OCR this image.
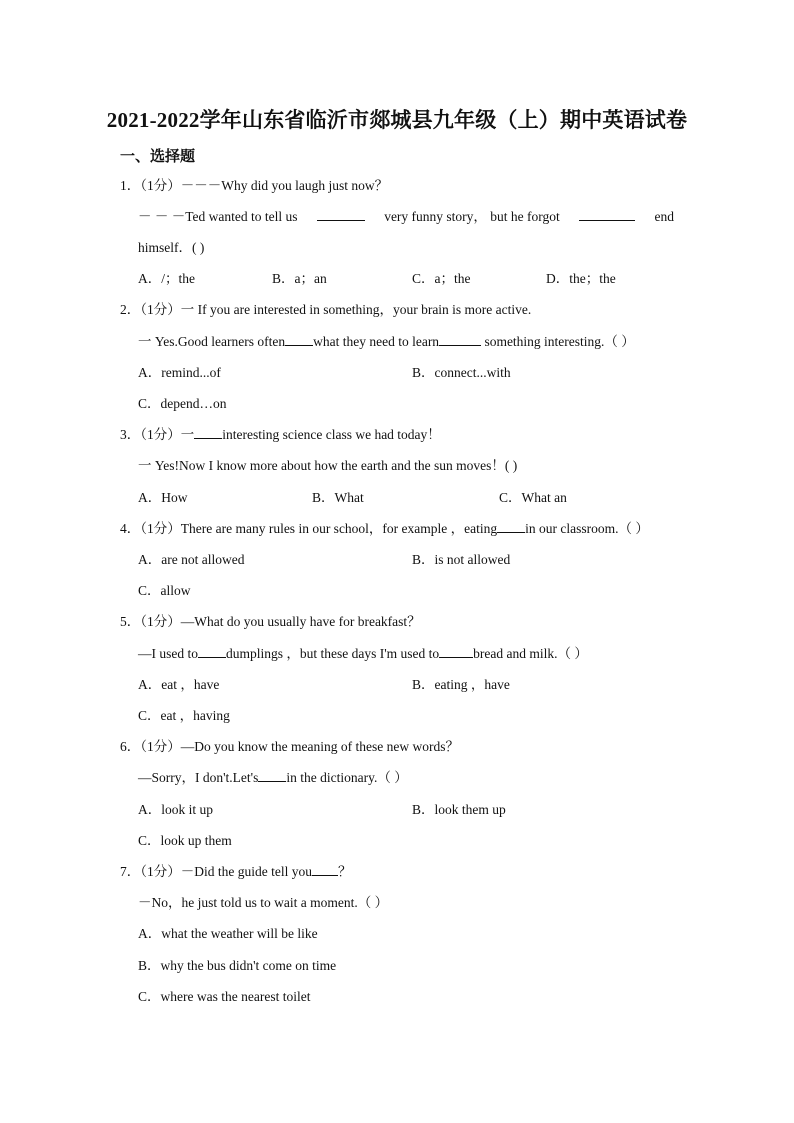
2021-2022学年山东省临沂市郯城县九年级（上）期中英语试卷
一、选择题
1．（1分）－－－Why did you laugh just now？
－ － －Ted wanted to tell us	very funny story， but he forgot	end
himself．( )
A．/；the	B．a；an	C．a；the	D．the；the
2．（1分）一 If you are interested in something，your brain is more active.
一 Yes.Good learners often what they need to learn	something interesting.（ ）
A．remind...of	B．connect...with
C．depend…on
3．（1分）一 interesting science class we had today！
一 Yes!Now I know more about how the earth and the sun moves！( )
A．How	B．What	C．What an
4．（1分）There are many rules in our school，for example ，eating in our classroom.（ ）
A．are not allowed	B．is not allowed
C．allow
5．（1分）—What do you usually have for breakfast？
—I used to dumplings ，but these days I'm used to	bread and milk.（ ）
A．eat ，have	B．eating ，have
C．eat ，having
6．（1分）—Do you know the meaning of these new words？
—Sorry，I don't.Let's in the dictionary.（ ）
A．look it up	B．look them up
C．look up them
7．（1分）－Did the guide tell you ？
－No，he just told us to wait a moment.（ ）
A．what the weather will be like
B．why the bus didn't come on time
C．where was the nearest toilet
